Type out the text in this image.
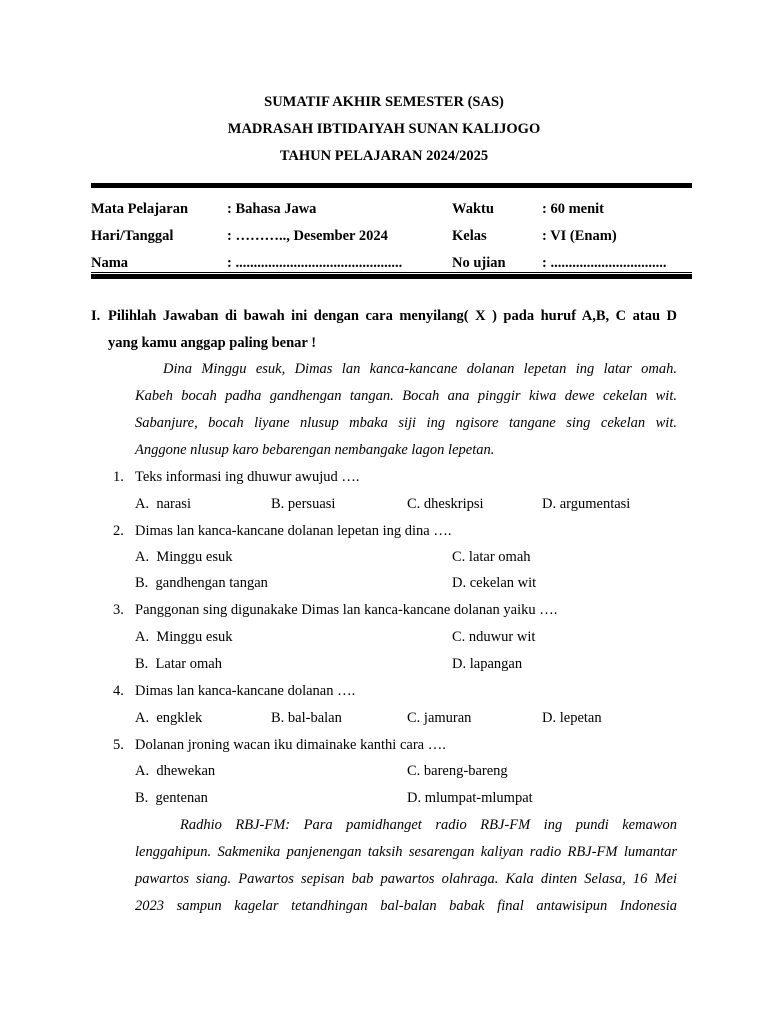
SUMATIF AKHIR SEMESTER (SAS)
MADRASAH IBTIDAIYAH SUNAN KALIJOGO
TAHUN PELAJARAN 2024/2025
Mata Pelajaran	: Bahasa Jawa	Waktu	: 60 menit
Hari/Tanggal	: ……….., Desember 2024	Kelas	: VI (Enam)
Nama	: ..............................................	No ujian	: ................................
I. Pilihlah Jawaban di bawah ini dengan cara menyilang( X ) pada huruf A,B, C atau D
yang kamu anggap paling benar !
Dina Minggu esuk, Dimas lan kanca-kancane dolanan lepetan ing latar omah.
Kabeh bocah padha gandhengan tangan. Bocah ana pinggir kiwa dewe cekelan wit.
Sabanjure, bocah liyane nlusup mbaka siji ing ngisore tangane sing cekelan wit.
Anggone nlusup karo bebarengan nembangake lagon lepetan.
1. Teks informasi ing dhuwur awujud ….
A. narasi	B. persuasi	C. dheskripsi	D. argumentasi
2. Dimas lan kanca-kancane dolanan lepetan ing dina ….
A. Minggu esuk	C. latar omah
B. gandhengan tangan	D. cekelan wit
3. Panggonan sing digunakake Dimas lan kanca-kancane dolanan yaiku ….
A. Minggu esuk	C. nduwur wit
B. Latar omah	D. lapangan
4. Dimas lan kanca-kancane dolanan ….
A. engklek	B. bal-balan	C. jamuran	D. lepetan
5. Dolanan jroning wacan iku dimainake kanthi cara ….
A. dhewekan	C. bareng-bareng
B. gentenan	D. mlumpat-mlumpat
Radhio RBJ-FM: Para pamidhanget radio RBJ-FM ing pundi kemawon
lenggahipun. Sakmenika panjenengan taksih sesarengan kaliyan radio RBJ-FM lumantar
pawartos siang. Pawartos sepisan bab pawartos olahraga. Kala dinten Selasa, 16 Mei
2023 sampun kagelar tetandhingan bal-balan babak final antawisipun Indonesia
